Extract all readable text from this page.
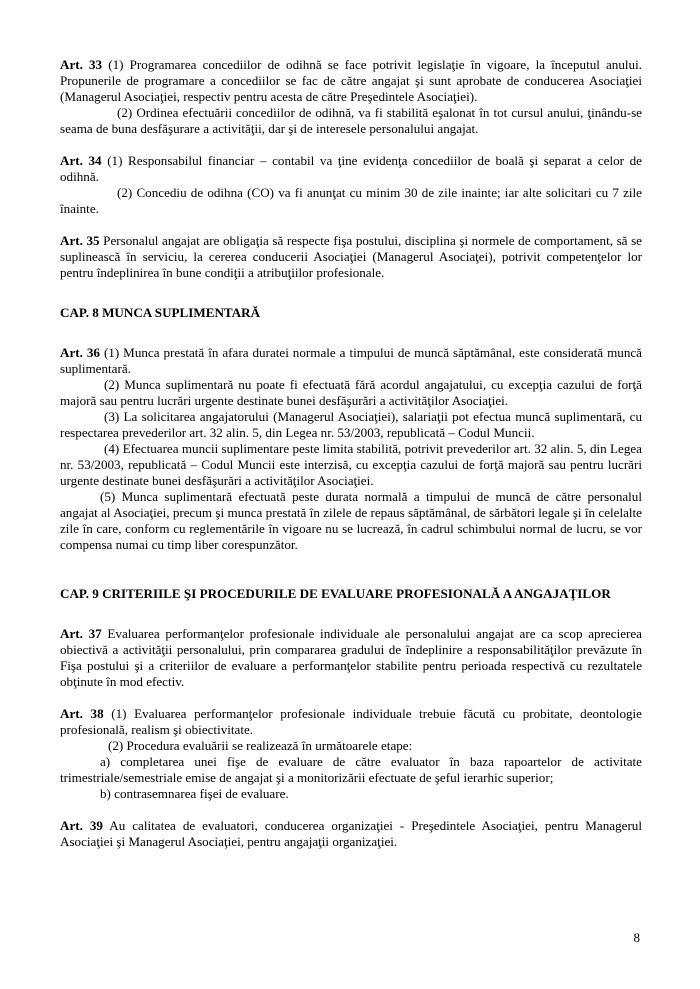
Art. 33 (1) Programarea concediilor de odihnă se face potrivit legislaţie în vigoare, la începutul anului. Propunerile de programare a concediilor se fac de către angajat şi sunt aprobate de conducerea Asociaţiei (Managerul Asociaţiei, respectiv pentru acesta de către Preşedintele Asociaţiei).

(2) Ordinea efectuării concediilor de odihnă, va fi stabilită eşalonat în tot cursul anului, ţinându-se seama de buna desfăşurare a activităţii, dar şi de interesele personalului angajat.

Art. 34 (1) Responsabilul financiar – contabil va ţine evidenţa concediilor de boală şi separat a celor de odihnă.

(2) Concediu de odihna (CO) va fi anunţat cu minim 30 de zile inainte; iar alte solicitari cu 7 zile înainte.

Art. 35 Personalul angajat are obligaţia să respecte fişa postului, disciplina şi normele de comportament, să se suplinească în serviciu, la cererea conducerii Asociaţiei (Managerul Asociaţei), potrivit competenţelor lor pentru îndeplinirea în bune condiţii a atribuţiilor profesionale.

CAP. 8 MUNCA SUPLIMENTARĂ

Art. 36 (1) Munca prestată în afara duratei normale a timpului de muncă săptămânal, este considerată muncă suplimentară.

(2) Munca suplimentară nu poate fi efectuată fără acordul angajatului, cu excepţia cazului de forţă majoră sau pentru lucrări urgente destinate bunei desfăşurări a activităţilor Asociaţiei.

(3) La solicitarea angajatorului (Managerul Asociaţiei), salariaţii pot efectua muncă suplimentară, cu respectarea prevederilor art. 32 alin. 5, din Legea nr. 53/2003, republicată – Codul Muncii.

(4) Efectuarea muncii suplimentare peste limita stabilită, potrivit prevederilor art. 32 alin. 5, din Legea nr. 53/2003, republicată – Codul Muncii este interzisă, cu excepţia cazului de forţă majoră sau pentru lucrări urgente destinate bunei desfăşurări a activităţilor Asociaţiei.

(5) Munca suplimentară efectuată peste durata normală a timpului de muncă de către personalul angajat al Asociaţiei, precum şi munca prestată în zilele de repaus săptămânal, de sărbători legale şi în celelalte zile în care, conform cu reglementările în vigoare nu se lucrează, în cadrul schimbului normal de lucru, se vor compensa numai cu timp liber corespunzător.

CAP. 9 CRITERIILE ŞI PROCEDURILE DE EVALUARE PROFESIONALĂ A ANGAJAŢILOR

Art. 37 Evaluarea performanţelor profesionale individuale ale personalului angajat are ca scop aprecierea obiectivă a activităţii personalului, prin compararea gradului de îndeplinire a responsabilităţilor prevăzute în Fişa postului şi a criteriilor de evaluare a performanţelor stabilite pentru perioada respectivă cu rezultatele obţinute în mod efectiv.

Art. 38 (1) Evaluarea performanţelor profesionale individuale trebuie făcută cu probitate, deontologie profesională, realism şi obiectivitate.

(2) Procedura evaluării se realizează în următoarele etape:

a) completarea unei fişe de evaluare de către evaluator în baza rapoartelor de activitate trimestriale/semestriale emise de angajat şi a monitorizării efectuate de şeful ierarhic superior;

b) contrasemnarea fişei de evaluare.

Art. 39 Au calitatea de evaluatori, conducerea organizaţiei - Preşedintele Asociaţiei, pentru Managerul Asociaţiei şi Managerul Asociaţiei, pentru angajaţii organizaţiei.

8
